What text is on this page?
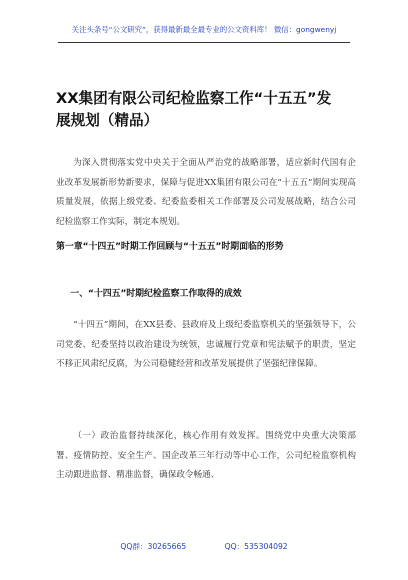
关注头条号“公文研究”，获得最新最全最专业的公文资料库！ 微信：gongwenyj
XX集团有限公司纪检监察工作“十五五”发
展规划（精品）

为深入贯彻落实党中央关于全面从严治党的战略部署，适应新时代国有企业改革发展新形势新要求，保障与促进XX集团有限公司在“十五五”期间实现高质量发展，依据上级党委、纪委监委相关工作部署及公司发展战略，结合公司纪检监察工作实际，制定本规划。

第一章“十四五”时期工作回顾与“十五五”时期面临的形势
一、“十四五”时期纪检监察工作取得的成效

“十四五”期间，在XX县委、县政府及上级纪委监察机关的坚强领导下，公司党委、纪委坚持以政治建设为统领，忠诚履行党章和宪法赋予的职责，坚定不移正风肃纪反腐，为公司稳健经营和改革发展提供了坚强纪律保障。

（一）政治监督持续深化，核心作用有效发挥。围绕党中央重大决策部署、疫情防控、安全生产、国企改革三年行动等中心工作，公司纪检监察机构主动跟进监督、精准监督，确保政令畅通、

QQ群：30265665	QQ：535304092
